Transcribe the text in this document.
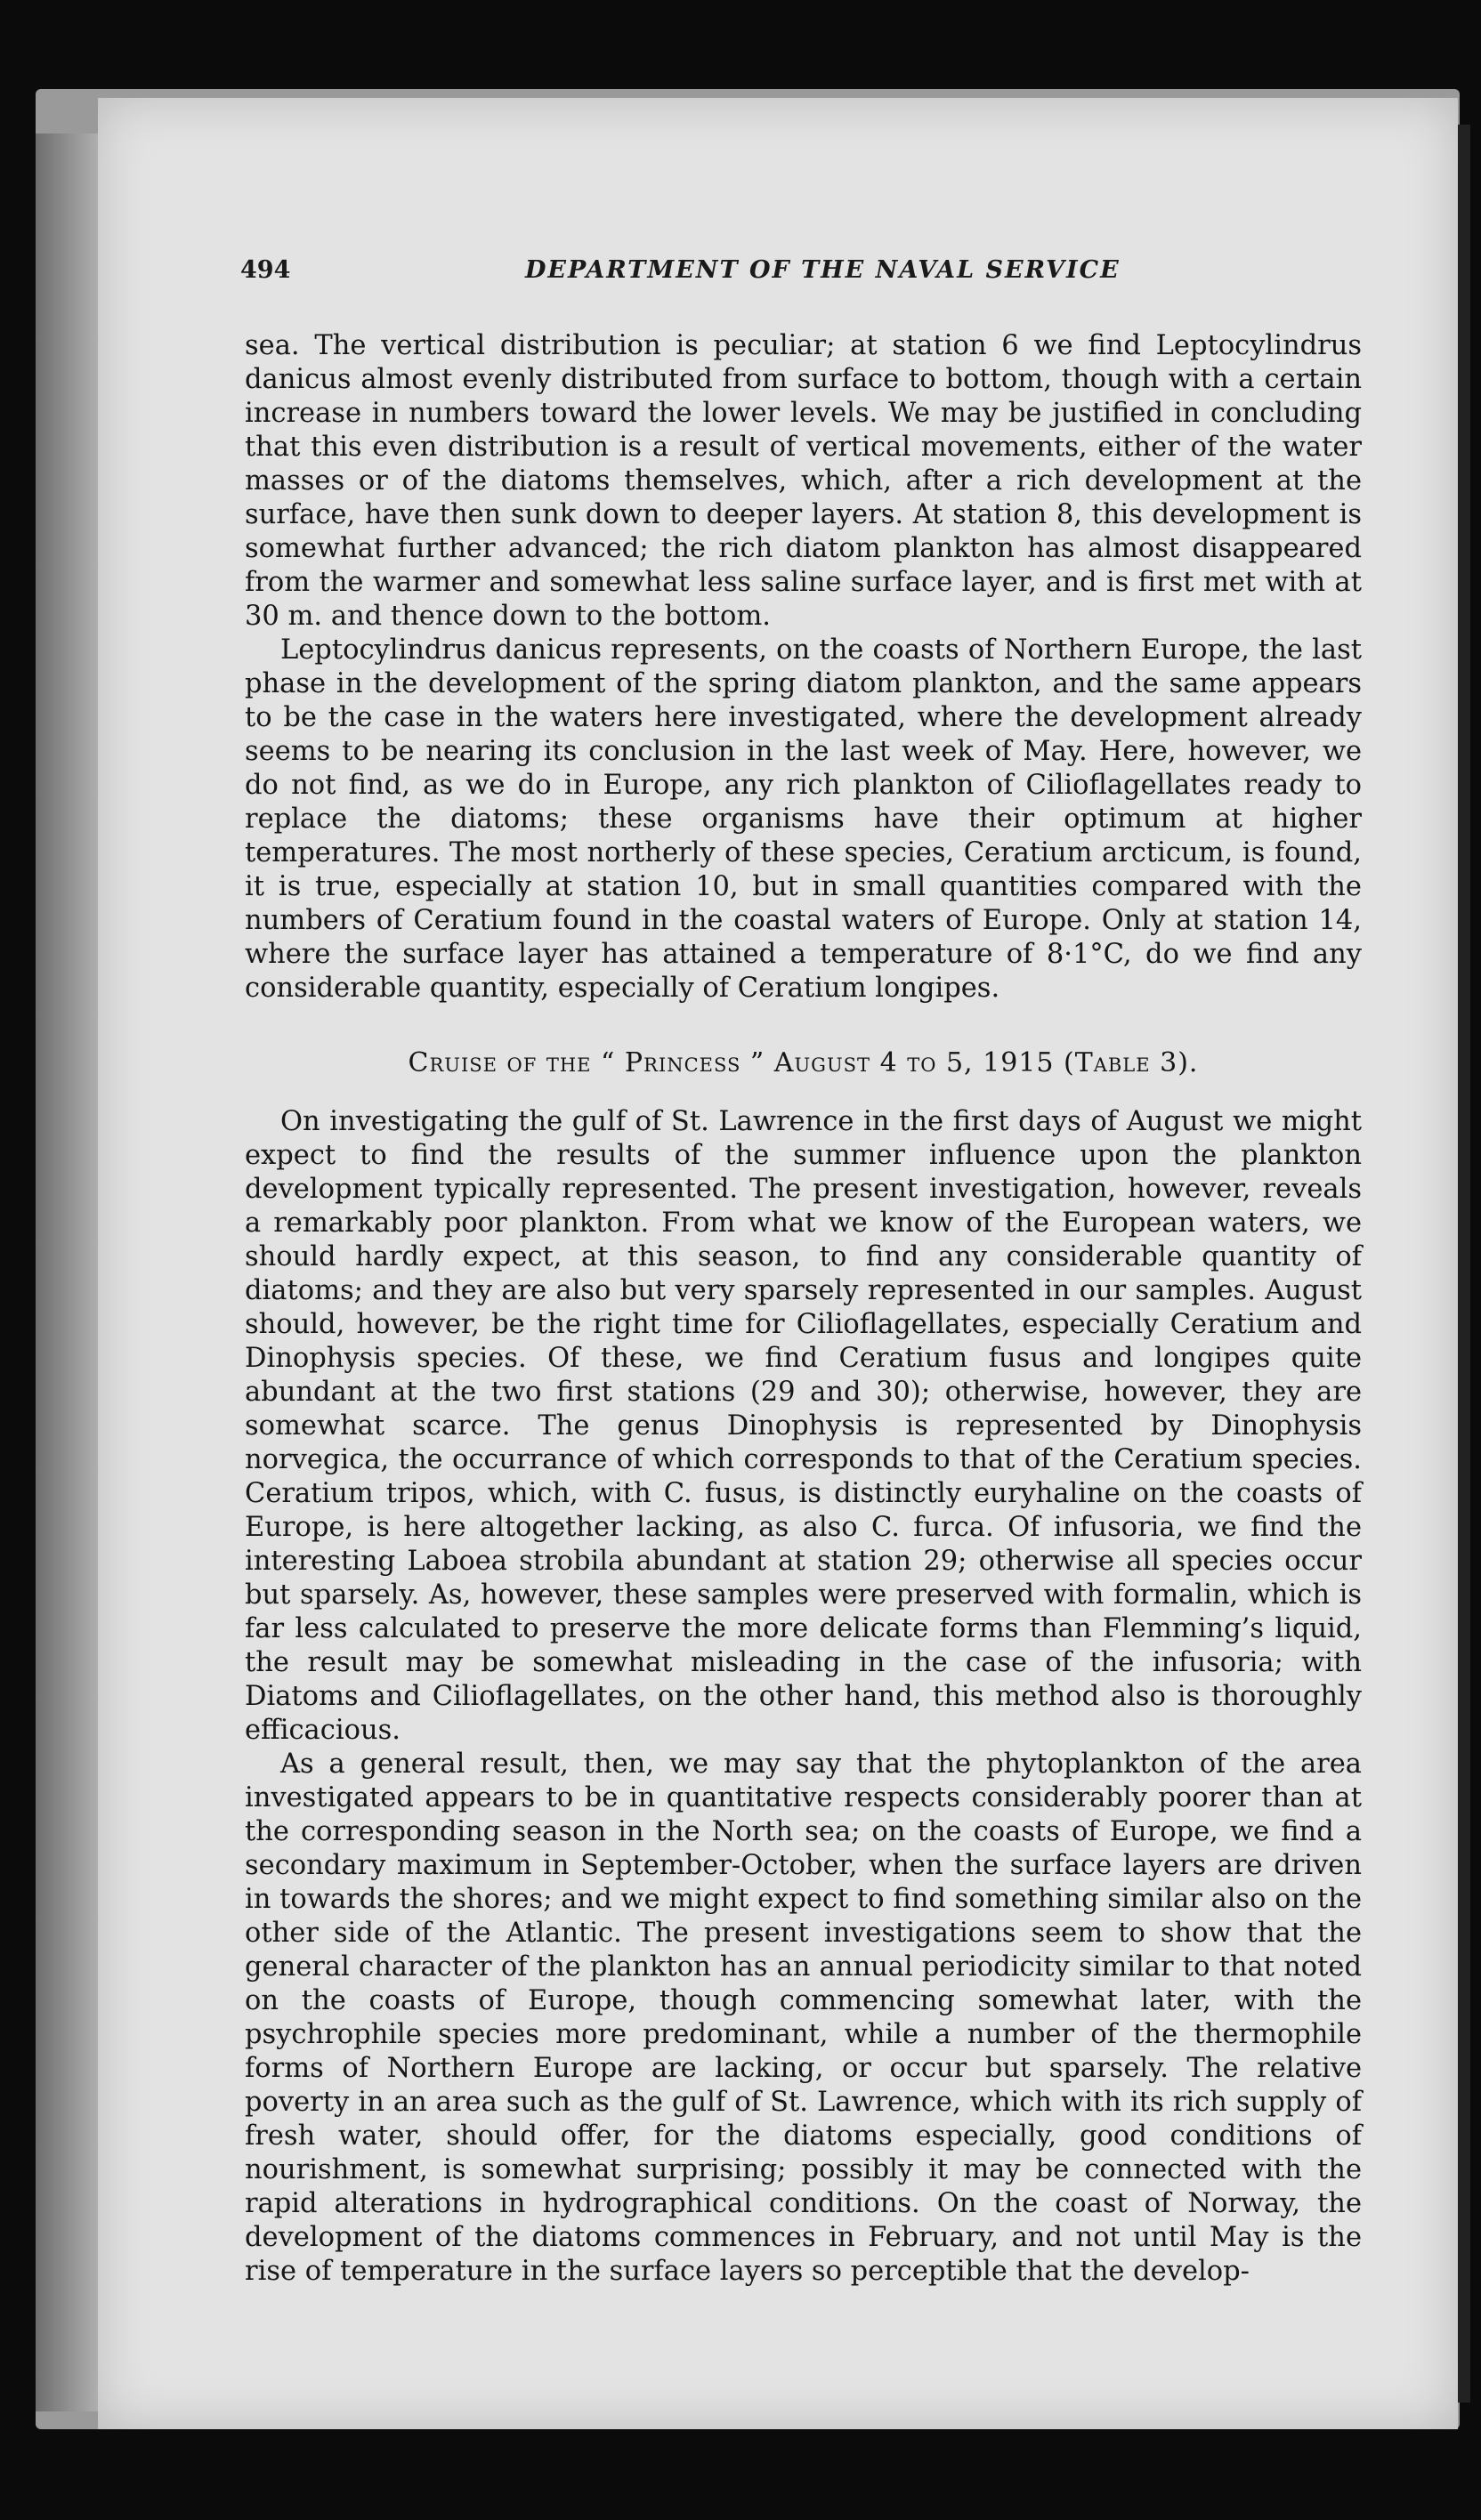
494	DEPARTMENT OF THE NAVAL SERVICE

sea. The vertical distribution is peculiar; at station 6 we find Leptocylindrus danicus almost evenly distributed from surface to bottom, though with a certain increase in numbers toward the lower levels. We may be justified in concluding that this even distribution is a result of vertical movements, either of the water masses or of the diatoms themselves, which, after a rich development at the surface, have then sunk down to deeper layers. At station 8, this development is somewhat further advanced; the rich diatom plankton has almost disappeared from the warmer and somewhat less saline surface layer, and is first met with at 30 m. and thence down to the bottom.

Leptocylindrus danicus represents, on the coasts of Northern Europe, the last phase in the development of the spring diatom plankton, and the same appears to be the case in the waters here investigated, where the development already seems to be nearing its conclusion in the last week of May. Here, however, we do not find, as we do in Europe, any rich plankton of Cilioflagellates ready to replace the diatoms; these organisms have their optimum at higher temperatures. The most northerly of these species, Ceratium arcticum, is found, it is true, especially at station 10, but in small quantities compared with the numbers of Ceratium found in the coastal waters of Europe. Only at station 14, where the surface layer has attained a temperature of 8·1°C, do we find any considerable quantity, especially of Ceratium longipes.

Cruise of the “ Princess ” August 4 to 5, 1915 (Table 3).

On investigating the gulf of St. Lawrence in the first days of August we might expect to find the results of the summer influence upon the plankton development typically represented. The present investigation, however, reveals a remarkably poor plankton. From what we know of the European waters, we should hardly expect, at this season, to find any considerable quantity of diatoms; and they are also but very sparsely represented in our samples. August should, however, be the right time for Cilioflagellates, especially Ceratium and Dinophysis species. Of these, we find Ceratium fusus and longipes quite abundant at the two first stations (29 and 30); otherwise, however, they are somewhat scarce. The genus Dinophysis is represented by Dinophysis norvegica, the occurrance of which corresponds to that of the Ceratium species. Ceratium tripos, which, with C. fusus, is distinctly euryhaline on the coasts of Europe, is here altogether lacking, as also C. furca. Of infusoria, we find the interesting Laboea strobila abundant at station 29; otherwise all species occur but sparsely. As, however, these samples were preserved with formalin, which is far less calculated to preserve the more delicate forms than Flemming’s liquid, the result may be somewhat misleading in the case of the infusoria; with Diatoms and Cilioflagellates, on the other hand, this method also is thoroughly efficacious.

As a general result, then, we may say that the phytoplankton of the area investigated appears to be in quantitative respects considerably poorer than at the corresponding season in the North sea; on the coasts of Europe, we find a secondary maximum in September-October, when the surface layers are driven in towards the shores; and we might expect to find something similar also on the other side of the Atlantic. The present investigations seem to show that the general character of the plankton has an annual periodicity similar to that noted on the coasts of Europe, though commencing somewhat later, with the psychrophile species more predominant, while a number of the thermophile forms of Northern Europe are lacking, or occur but sparsely. The relative poverty in an area such as the gulf of St. Lawrence, which with its rich supply of fresh water, should offer, for the diatoms especially, good conditions of nourishment, is somewhat surprising; possibly it may be connected with the rapid alterations in hydrographical conditions. On the coast of Norway, the development of the diatoms commences in February, and not until May is the rise of temperature in the surface layers so perceptible that the develop-
